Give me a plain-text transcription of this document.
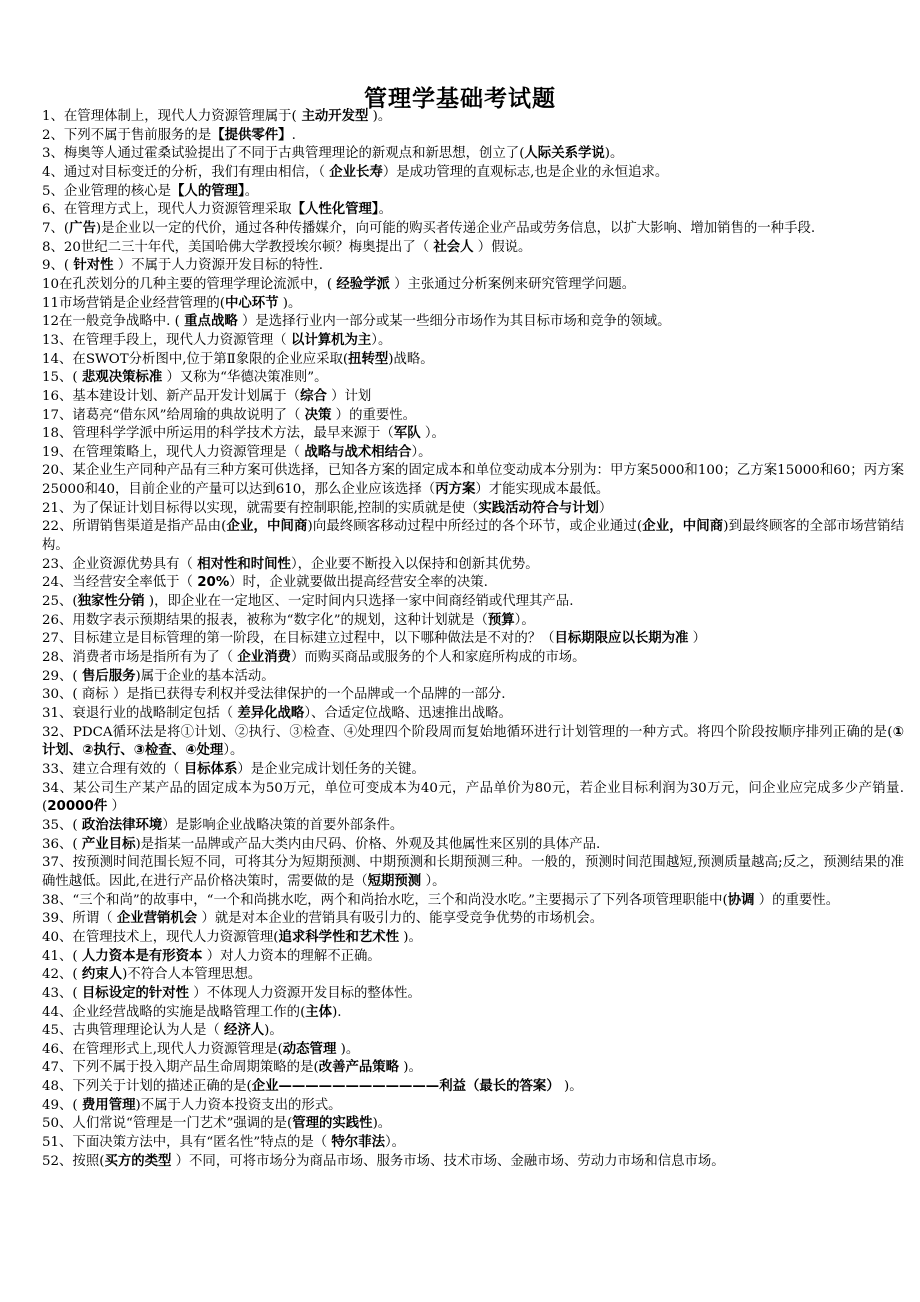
管理学基础考试题

1、在管理体制上，现代人力资源管理属于( 主动开发型 )。

2、下列不属于售前服务的是【提供零件】.

3、梅奥等人通过霍桑试验提出了不同于古典管理理论的新观点和新思想，创立了(人际关系学说)。

4、通过对目标变迁的分析，我们有理由相信，（ 企业长寿）是成功管理的直观标志,也是企业的永恒追求。

5、企业管理的核心是【人的管理】。

6、在管理方式上，现代人力资源管理采取【人性化管理】。

7、(广告)是企业以一定的代价，通过各种传播媒介，向可能的购买者传递企业产品或劳务信息，以扩大影响、增加销售的一种手段.

8、20世纪二三十年代，美国哈佛大学教授埃尔顿？梅奥提出了（ 社会人 ）假说。

9、( 针对性 ）不属于人力资源开发目标的特性.

10在孔茨划分的几种主要的管理学理论流派中，( 经验学派 ）主张通过分析案例来研究管理学问题。

11市场营销是企业经营管理的(中心环节 )。

12在一般竞争战略中. ( 重点战略 ）是选择行业内一部分或某一些细分市场作为其目标市场和竞争的领域。

13、在管理手段上，现代人力资源管理（ 以计算机为主）。

14、在SWOT分析图中,位于第Ⅱ象限的企业应采取(扭转型)战略。

15、( 悲观决策标准 ）又称为“华德决策准则”。

16、基本建设计划、新产品开发计划属于（综合 ）计划

17、诸葛亮“借东风”给周瑜的典故说明了（ 决策 ）的重要性。

18、管理科学学派中所运用的科学技术方法，最早来源于（军队 ）。

19、在管理策略上，现代人力资源管理是（ 战略与战术相结合）。

20、某企业生产同种产品有三种方案可供选择，已知各方案的固定成本和单位变动成本分别为：甲方案5000和100；乙方案15000和60；丙方案25000和40，目前企业的产量可以达到610，那么企业应该选择（丙方案）才能实现成本最低。

21、为了保证计划目标得以实现，就需要有控制职能,控制的实质就是使（实践活动符合与计划）

22、所谓销售渠道是指产品由(企业，中间商)向最终顾客移动过程中所经过的各个环节，或企业通过(企业，中间商)到最终顾客的全部市场营销结构。

23、企业资源优势具有（ 相对性和时间性），企业要不断投入以保持和创新其优势。

24、当经营安全率低于（ 20%）时，企业就要做出提高经营安全率的决策.

25、(独家性分销 )，即企业在一定地区、一定时间内只选择一家中间商经销或代理其产品.

26、用数字表示预期结果的报表，被称为“数字化”的规划，这种计划就是（预算）。

27、目标建立是目标管理的第一阶段，在目标建立过程中，以下哪种做法是不对的？（目标期限应以长期为准 ）

28、消费者市场是指所有为了（ 企业消费）而购买商品或服务的个人和家庭所构成的市场。

29、( 售后服务)属于企业的基本活动。

30、( 商标 ）是指已获得专利权并受法律保护的一个品牌或一个品牌的一部分.

31、衰退行业的战略制定包括（ 差异化战略）、合适定位战略、迅速推出战略。

32、PDCA循环法是将①计划、②执行、③检查、④处理四个阶段周而复始地循环进行计划管理的一种方式。将四个阶段按顺序排列正确的是(①计划、②执行、③检查、④处理）。

33、建立合理有效的（ 目标体系）是企业完成计划任务的关键。

34、某公司生产某产品的固定成本为50万元，单位可变成本为40元，产品单价为80元，若企业目标利润为30万元，问企业应完成多少产销量. (20000件 ）

35、( 政治法律环境）是影响企业战略决策的首要外部条件。

36、( 产业目标)是指某一品牌或产品大类内由尺码、价格、外观及其他属性来区别的具体产品.

37、按预测时间范围长短不同，可将其分为短期预测、中期预测和长期预测三种。一般的，预测时间范围越短,预测质量越高;反之，预测结果的准确性越低。因此,在进行产品价格决策时，需要做的是（短期预测 ）。

38、“三个和尚”的故事中，“一个和尚挑水吃，两个和尚抬水吃，三个和尚没水吃。”主要揭示了下列各项管理职能中(协调 ）的重要性。

39、所谓（ 企业营销机会 ）就是对本企业的营销具有吸引力的、能享受竞争优势的市场机会。

40、在管理技术上，现代人力资源管理(追求科学性和艺术性 )。

41、( 人力资本是有形资本 ）对人力资本的理解不正确。

42、( 约束人)不符合人本管理思想。

43、( 目标设定的针对性 ）不体现人力资源开发目标的整体性。

44、企业经营战略的实施是战略管理工作的(主体).

45、古典管理理论认为人是（ 经济人)。

46、在管理形式上,现代人力资源管理是(动态管理 )。

47、下列不属于投入期产品生命周期策略的是(改善产品策略 )。

48、下列关于计划的描述正确的是(企业————————————利益（最长的答案） )。

49、( 费用管理)不属于人力资本投资支出的形式。

50、人们常说“管理是一门艺术”强调的是(管理的实践性)。

51、下面决策方法中，具有“匿名性”特点的是（ 特尔菲法）。

52、按照(买方的类型 ）不同，可将市场分为商品市场、服务市场、技术市场、金融市场、劳动力市场和信息市场。
